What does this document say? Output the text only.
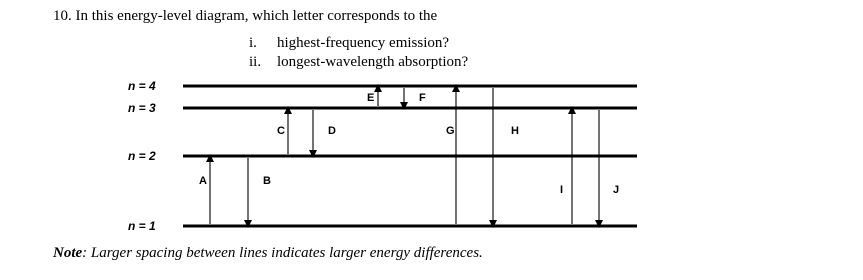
10. In this energy-level diagram, which letter corresponds to the
i. highest-frequency emission?
ii. longest-wavelength absorption?
n = 4
n = 3
n = 2
n = 1
A	B
C	D
E	F
G	H
I	J
Note: Larger spacing between lines indicates larger energy differences.
